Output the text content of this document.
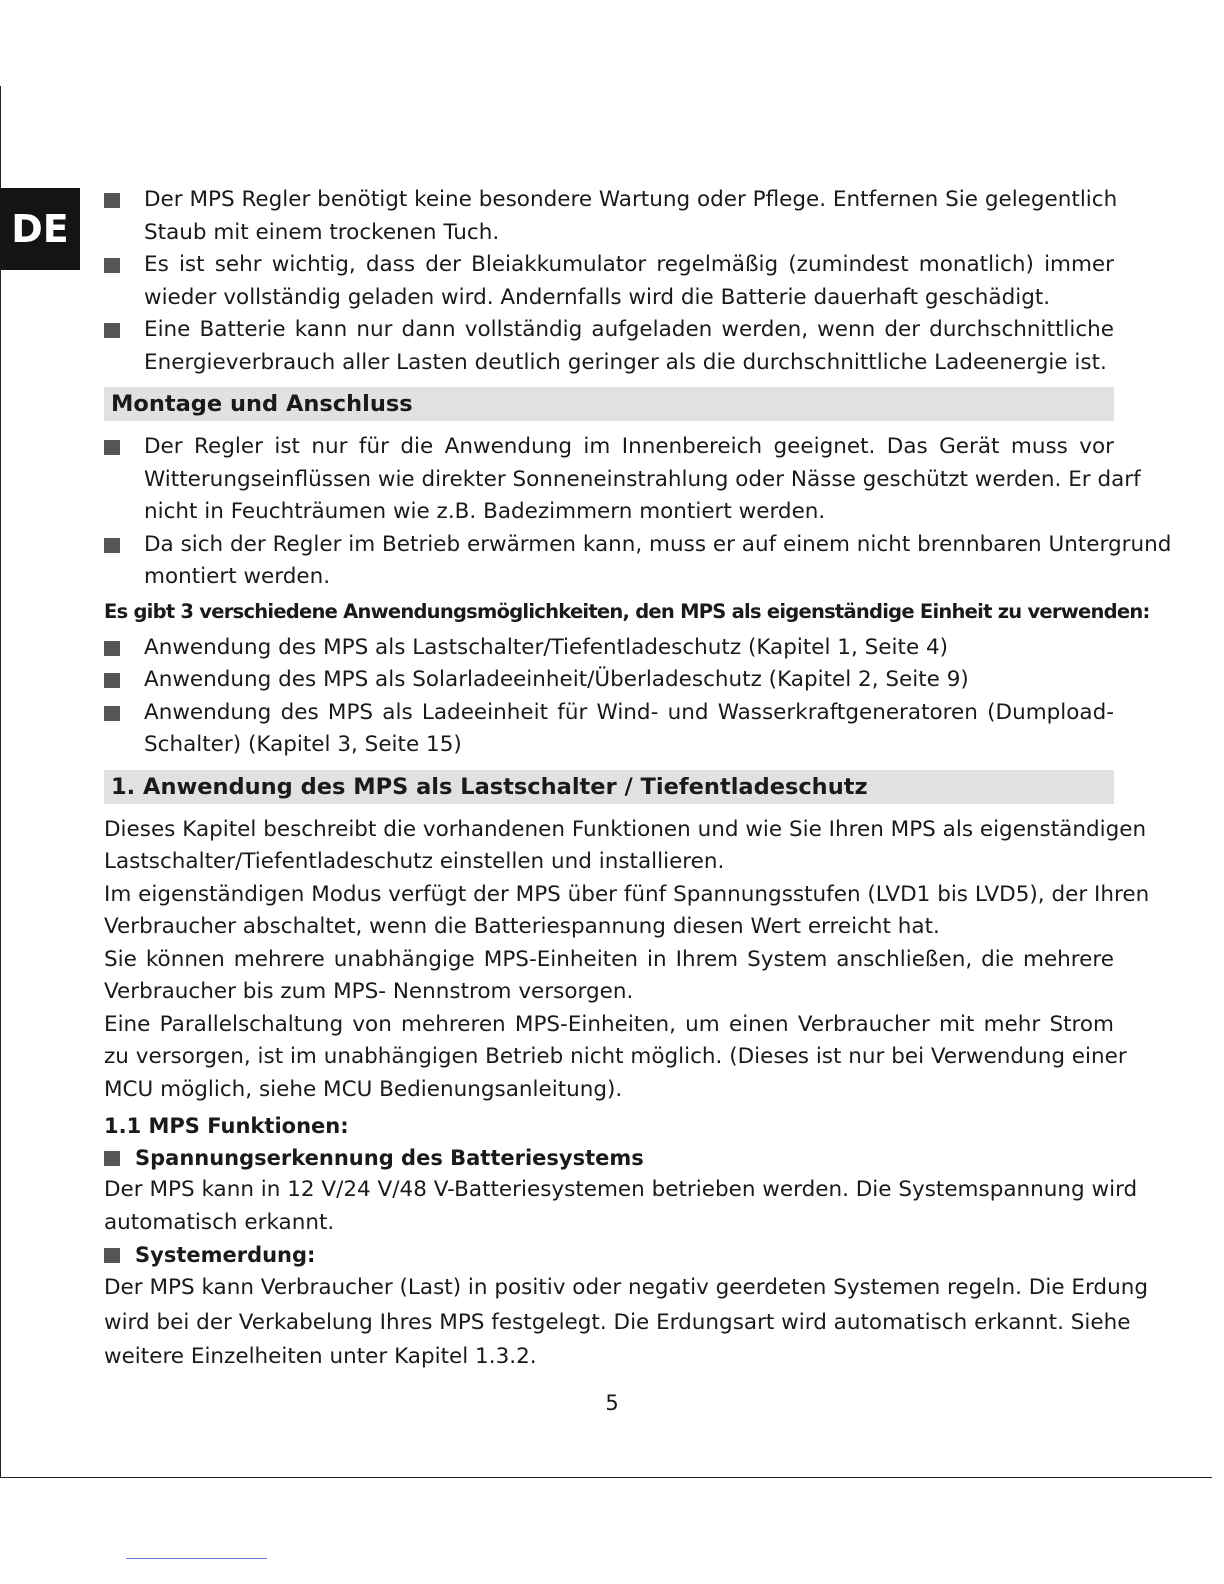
DE
Der MPS Regler benötigt keine besondere Wartung oder Pflege. Entfernen Sie gelegentlich
Staub mit einem trockenen Tuch.
Es ist sehr wichtig, dass der Bleiakkumulator regelmäßig (zumindest monatlich) immer
wieder vollständig geladen wird. Andernfalls wird die Batterie dauerhaft geschädigt.
Eine Batterie kann nur dann vollständig aufgeladen werden, wenn der durchschnittliche
Energieverbrauch aller Lasten deutlich geringer als die durchschnittliche Ladeenergie ist.
Montage und Anschluss
Der Regler ist nur für die Anwendung im Innenbereich geeignet. Das Gerät muss vor
Witterungseinflüssen wie direkter Sonneneinstrahlung oder Nässe geschützt werden. Er darf
nicht in Feuchträumen wie z.B. Badezimmern montiert werden.
Da sich der Regler im Betrieb erwärmen kann, muss er auf einem nicht brennbaren Untergrund
montiert werden.
Es gibt 3 verschiedene Anwendungsmöglichkeiten, den MPS als eigenständige Einheit zu verwenden:
Anwendung des MPS als Lastschalter/Tiefentladeschutz (Kapitel 1, Seite 4)
Anwendung des MPS als Solarladeeinheit/Überladeschutz (Kapitel 2, Seite 9)
Anwendung des MPS als Ladeeinheit für Wind- und Wasserkraftgeneratoren (Dumpload-
Schalter) (Kapitel 3, Seite 15)
1. Anwendung des MPS als Lastschalter / Tiefentladeschutz
Dieses Kapitel beschreibt die vorhandenen Funktionen und wie Sie Ihren MPS als eigenständigen
Lastschalter/Tiefentladeschutz einstellen und installieren.
Im eigenständigen Modus verfügt der MPS über fünf Spannungsstufen (LVD1 bis LVD5), der Ihren
Verbraucher abschaltet, wenn die Batteriespannung diesen Wert erreicht hat.
Sie können mehrere unabhängige MPS-Einheiten in Ihrem System anschließen, die mehrere
Verbraucher bis zum MPS- Nennstrom versorgen.
Eine Parallelschaltung von mehreren MPS-Einheiten, um einen Verbraucher mit mehr Strom
zu versorgen, ist im unabhängigen Betrieb nicht möglich. (Dieses ist nur bei Verwendung einer
MCU möglich, siehe MCU Bedienungsanleitung).
1.1 MPS Funktionen:
Spannungserkennung des Batteriesystems
Der MPS kann in 12 V/24 V/48 V-Batteriesystemen betrieben werden. Die Systemspannung wird
automatisch erkannt.
Systemerdung:
Der MPS kann Verbraucher (Last) in positiv oder negativ geerdeten Systemen regeln. Die Erdung
wird bei der Verkabelung Ihres MPS festgelegt. Die Erdungsart wird automatisch erkannt. Siehe
weitere Einzelheiten unter Kapitel 1.3.2.
5
